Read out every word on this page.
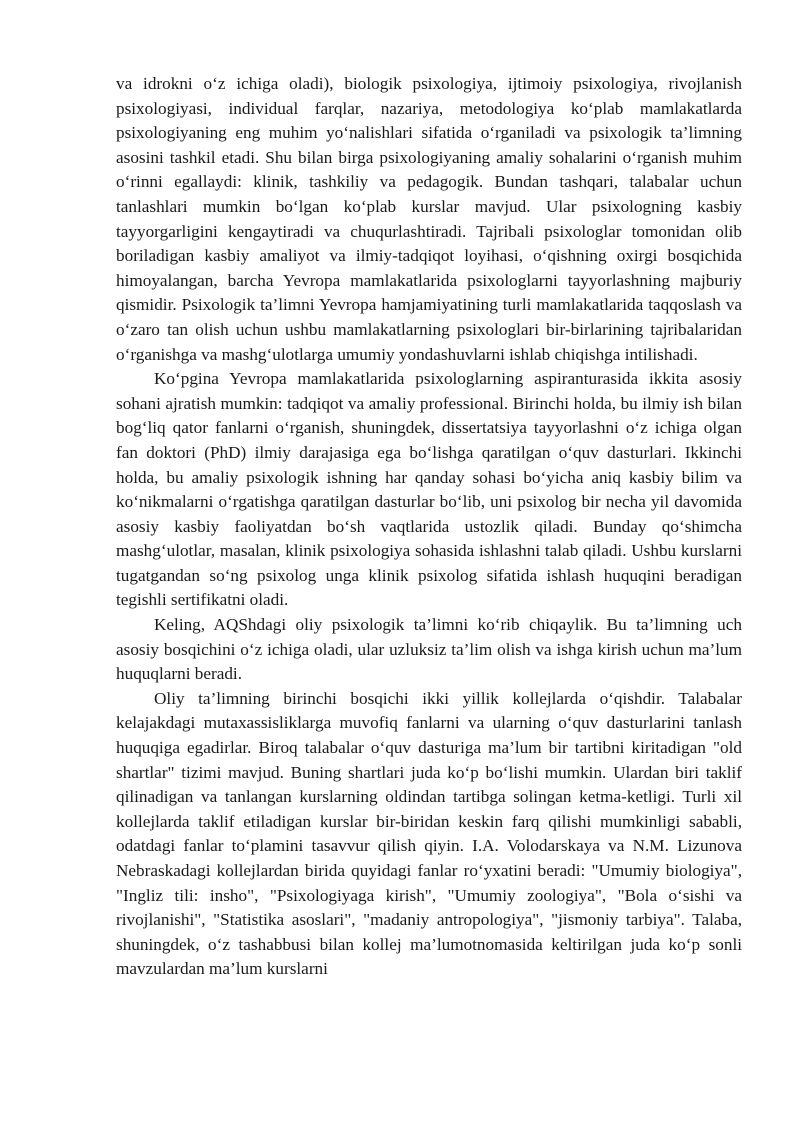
va idrokni o‘z ichiga oladi), biologik psixologiya, ijtimoiy psixologiya, rivojlanish psixologiyasi, individual farqlar, nazariya, metodologiya ko‘plab mamlakatlarda psixologiyaning eng muhim yo‘nalishlari sifatida o‘rganiladi va psixologik ta’limning asosini tashkil etadi. Shu bilan birga psixologiyaning amaliy sohalarini o‘rganish muhim o‘rinni egallaydi: klinik, tashkiliy va pedagogik. Bundan tashqari, talabalar uchun tanlashlari mumkin bo‘lgan ko‘plab kurslar mavjud. Ular psixologning kasbiy tayyorgarligini kengaytiradi va chuqurlashtiradi. Tajribali psixologlar tomonidan olib boriladigan kasbiy amaliyot va ilmiy-tadqiqot loyihasi, o‘qishning oxirgi bosqichida himoyalangan, barcha Yevropa mamlakatlarida psixologlarni tayyorlashning majburiy qismidir. Psixologik ta’limni Yevropa hamjamiyatining turli mamlakatlarida taqqoslash va o‘zaro tan olish uchun ushbu mamlakatlarning psixologlari bir-birlarining tajribalaridan o‘rganishga va mashg‘ulotlarga umumiy yondashuvlarni ishlab chiqishga intilishadi.

Ko‘pgina Yevropa mamlakatlarida psixologlarning aspiranturasida ikkita asosiy sohani ajratish mumkin: tadqiqot va amaliy professional. Birinchi holda, bu ilmiy ish bilan bog‘liq qator fanlarni o‘rganish, shuningdek, dissertatsiya tayyorlashni o‘z ichiga olgan fan doktori (PhD) ilmiy darajasiga ega bo‘lishga qaratilgan o‘quv dasturlari. Ikkinchi holda, bu amaliy psixologik ishning har qanday sohasi bo‘yicha aniq kasbiy bilim va ko‘nikmalarni o‘rgatishga qaratilgan dasturlar bo‘lib, uni psixolog bir necha yil davomida asosiy kasbiy faoliyatdan bo‘sh vaqtlarida ustozlik qiladi. Bunday qo‘shimcha mashg‘ulotlar, masalan, klinik psixologiya sohasida ishlashni talab qiladi. Ushbu kurslarni tugatgandan so‘ng psixolog unga klinik psixolog sifatida ishlash huquqini beradigan tegishli sertifikatni oladi.

Keling, AQShdagi oliy psixologik ta’limni ko‘rib chiqaylik. Bu ta’limning uch asosiy bosqichini o‘z ichiga oladi, ular uzluksiz ta’lim olish va ishga kirish uchun ma’lum huquqlarni beradi.

Oliy ta’limning birinchi bosqichi ikki yillik kollejlarda o‘qishdir. Talabalar kelajakdagi mutaxassisliklarga muvofiq fanlarni va ularning o‘quv dasturlarini tanlash huquqiga egadirlar. Biroq talabalar o‘quv dasturiga ma’lum bir tartibni kiritadigan "old shartlar" tizimi mavjud. Buning shartlari juda ko‘p bo‘lishi mumkin. Ulardan biri taklif qilinadigan va tanlangan kurslarning oldindan tartibga solingan ketma-ketligi. Turli xil kollejlarda taklif etiladigan kurslar bir-biridan keskin farq qilishi mumkinligi sababli, odatdagi fanlar to‘plamini tasavvur qilish qiyin. I.A. Volodarskaya va N.M. Lizunova Nebraskadagi kollejlardan birida quyidagi fanlar ro‘yxatini beradi: "Umumiy biologiya", "Ingliz tili: insho", "Psixologiyaga kirish", "Umumiy zoologiya", "Bola o‘sishi va rivojlanishi", "Statistika asoslari", "madaniy antropologiya", "jismoniy tarbiya". Talaba, shuningdek, o‘z tashabbusi bilan kollej ma’lumotnomasida keltirilgan juda ko‘p sonli mavzulardan ma’lum kurslarni
